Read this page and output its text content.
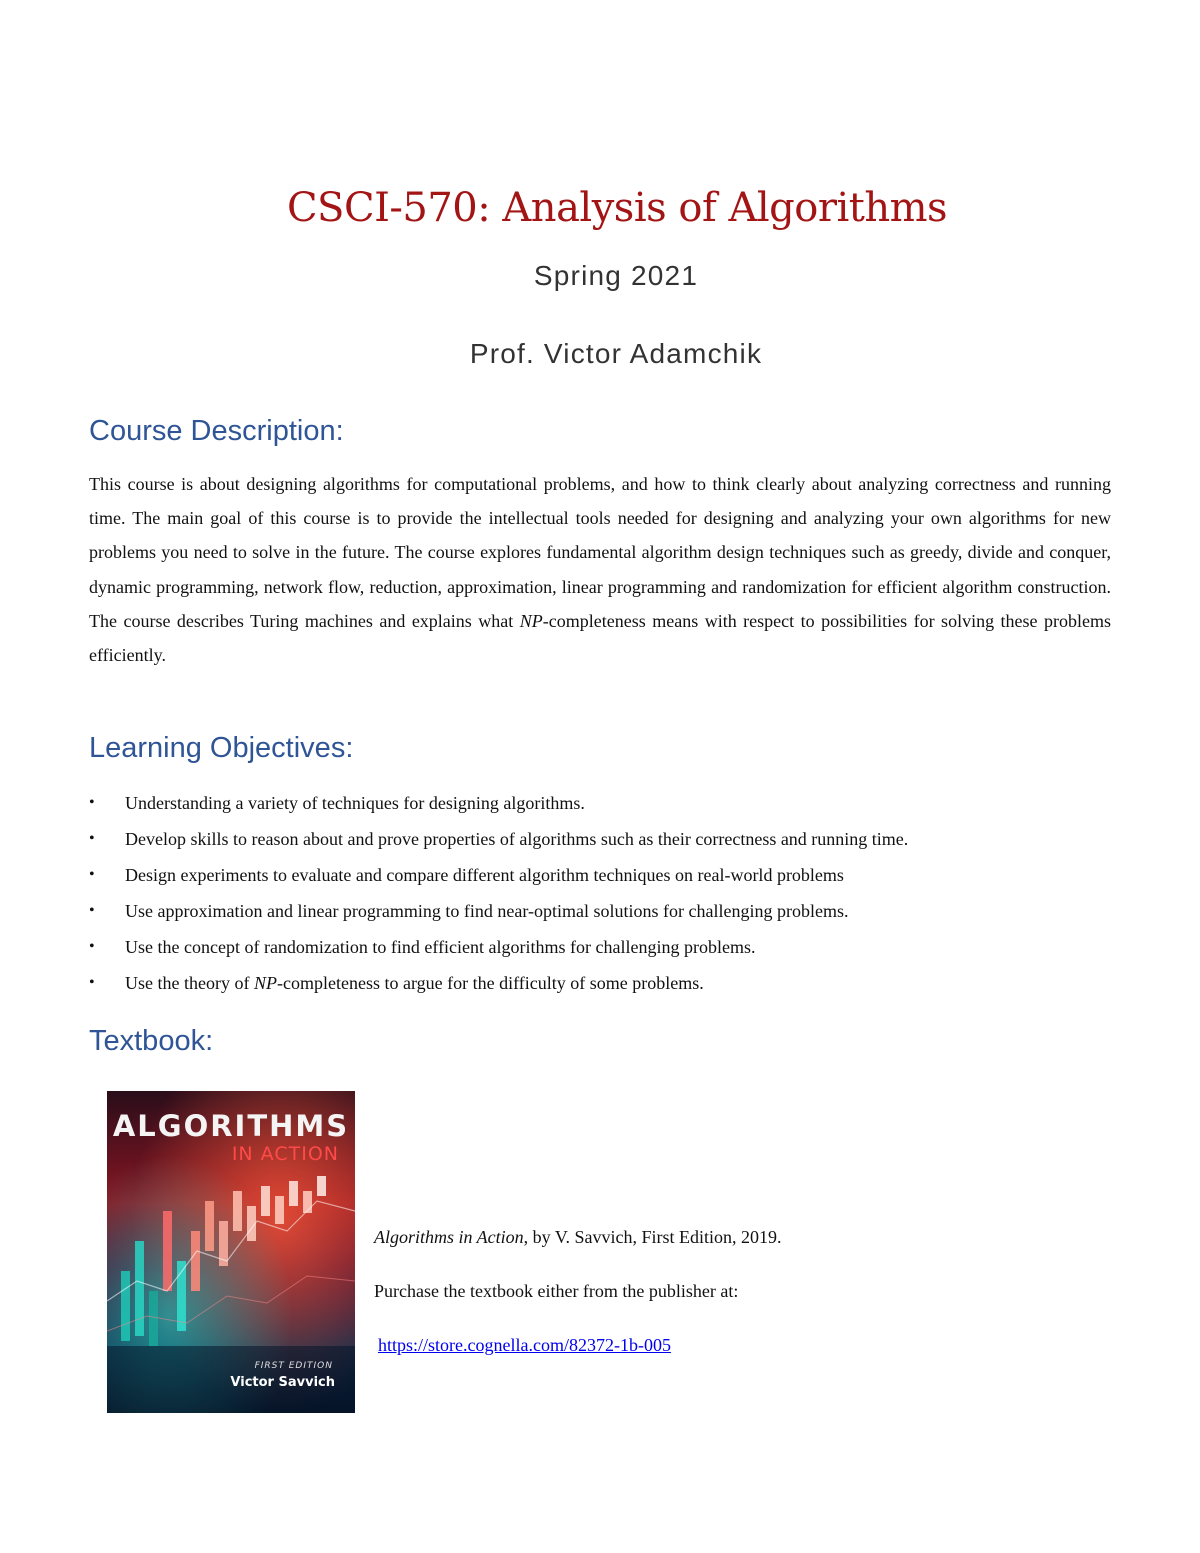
CSCI-570: Analysis of Algorithms
Spring 2021
Prof. Victor Adamchik
Course Description:
This course is about designing algorithms for computational problems, and how to think clearly about analyzing correctness and running time. The main goal of this course is to provide the intellectual tools needed for designing and analyzing your own algorithms for new problems you need to solve in the future. The course explores fundamental algorithm design techniques such as greedy, divide and conquer, dynamic programming, network flow, reduction, approximation, linear programming and randomization for efficient algorithm construction. The course describes Turing machines and explains what NP-completeness means with respect to possibilities for solving these problems efficiently.
Learning Objectives:
• Understanding a variety of techniques for designing algorithms.
• Develop skills to reason about and prove properties of algorithms such as their correctness and running time.
• Design experiments to evaluate and compare different algorithm techniques on real-world problems
• Use approximation and linear programming to find near-optimal solutions for challenging problems.
• Use the concept of randomization to find efficient algorithms for challenging problems.
• Use the theory of NP-completeness to argue for the difficulty of some problems.
Textbook:
ALGORITHMS
IN ACTION
FIRST EDITION
Victor Savvich
Algorithms in Action, by V. Savvich, First Edition, 2019.
Purchase the textbook either from the publisher at:
https://store.cognella.com/82372-1b-005
